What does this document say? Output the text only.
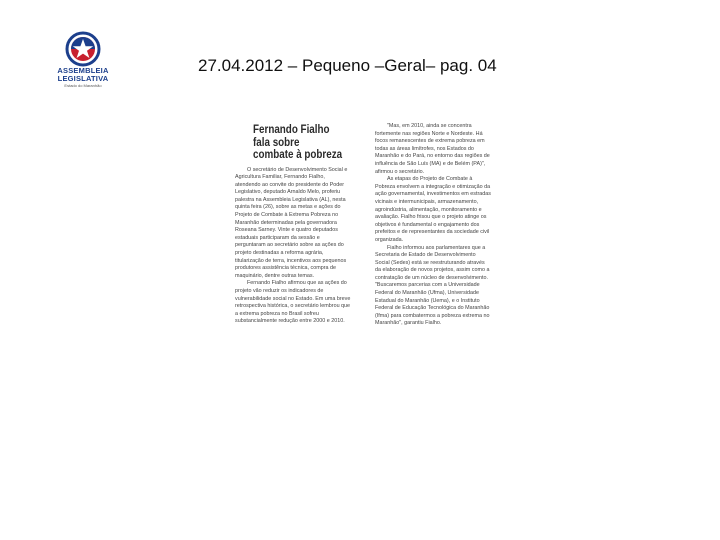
ASSEMBLEIA
LEGISLATIVA
Estado do Maranhão
27.04.2012 – Pequeno –Geral– pag. 04
Fernando Fialho
fala sobre
combate à pobreza

O secretário de Desenvolvimento Social e Agricultura Familiar, Fernando Fialho, atendendo ao convite do presidente do Poder Legislativo, deputado Arnaldo Melo, proferiu palestra na Assembleia Legislativa (AL), nesta quinta feira (26), sobre as metas e ações do Projeto de Combate à Extrema Pobreza no Maranhão determinadas pela governadora Roseana Sarney. Vinte e quatro deputados estaduais participaram da sessão e perguntaram ao secretário sobre as ações do projeto destinadas a reforma agrária, titularização de terra, incentivos aos pequenos produtores assistência técnica, compra de maquinário, dentre outras temas.

Fernando Fialho afirmou que as ações do projeto vão reduzir os indicadores de vulnerabilidade social no Estado. Em uma breve retrospectiva histórica, o secretário lembrou que a extrema pobreza no Brasil sofreu substancialmente redução entre 2000 e 2010.

"Mas, em 2010, ainda se concentra fortemente nas regiões Norte e Nordeste. Há focos remanescentes de extrema pobreza em todas as áreas limítrofes, nos Estados do Maranhão e do Pará, no entorno das regiões de influência de São Luís (MA) e de Belém (PA)", afirmou o secretário.

As etapas do Projeto de Combate à Pobreza envolvem a integração e otimização da ação governamental, investimentos em estradas vicinais e intermunicipais, armazenamento, agroindústria, alimentação, monitoramento e avaliação. Fialho frisou que o projeto atinge os objetivos é fundamental o engajamento dos prefeitos e de representantes da sociedade civil organizada.

Fialho informou aos parlamentares que a Secretaria de Estado de Desenvolvimento Social (Sedes) está se reestruturando através da elaboração de novos projetos, assim como a contratação de um núcleo de desenvolvimento. "Buscaremos parcerias com a Universidade Federal do Maranhão (Ufma), Universidade Estadual do Maranhão (Uema), e o Instituto Federal de Educação Tecnológica do Maranhão (Ifma) para combatermos a pobreza extrema no Maranhão", garantiu Fialho.
